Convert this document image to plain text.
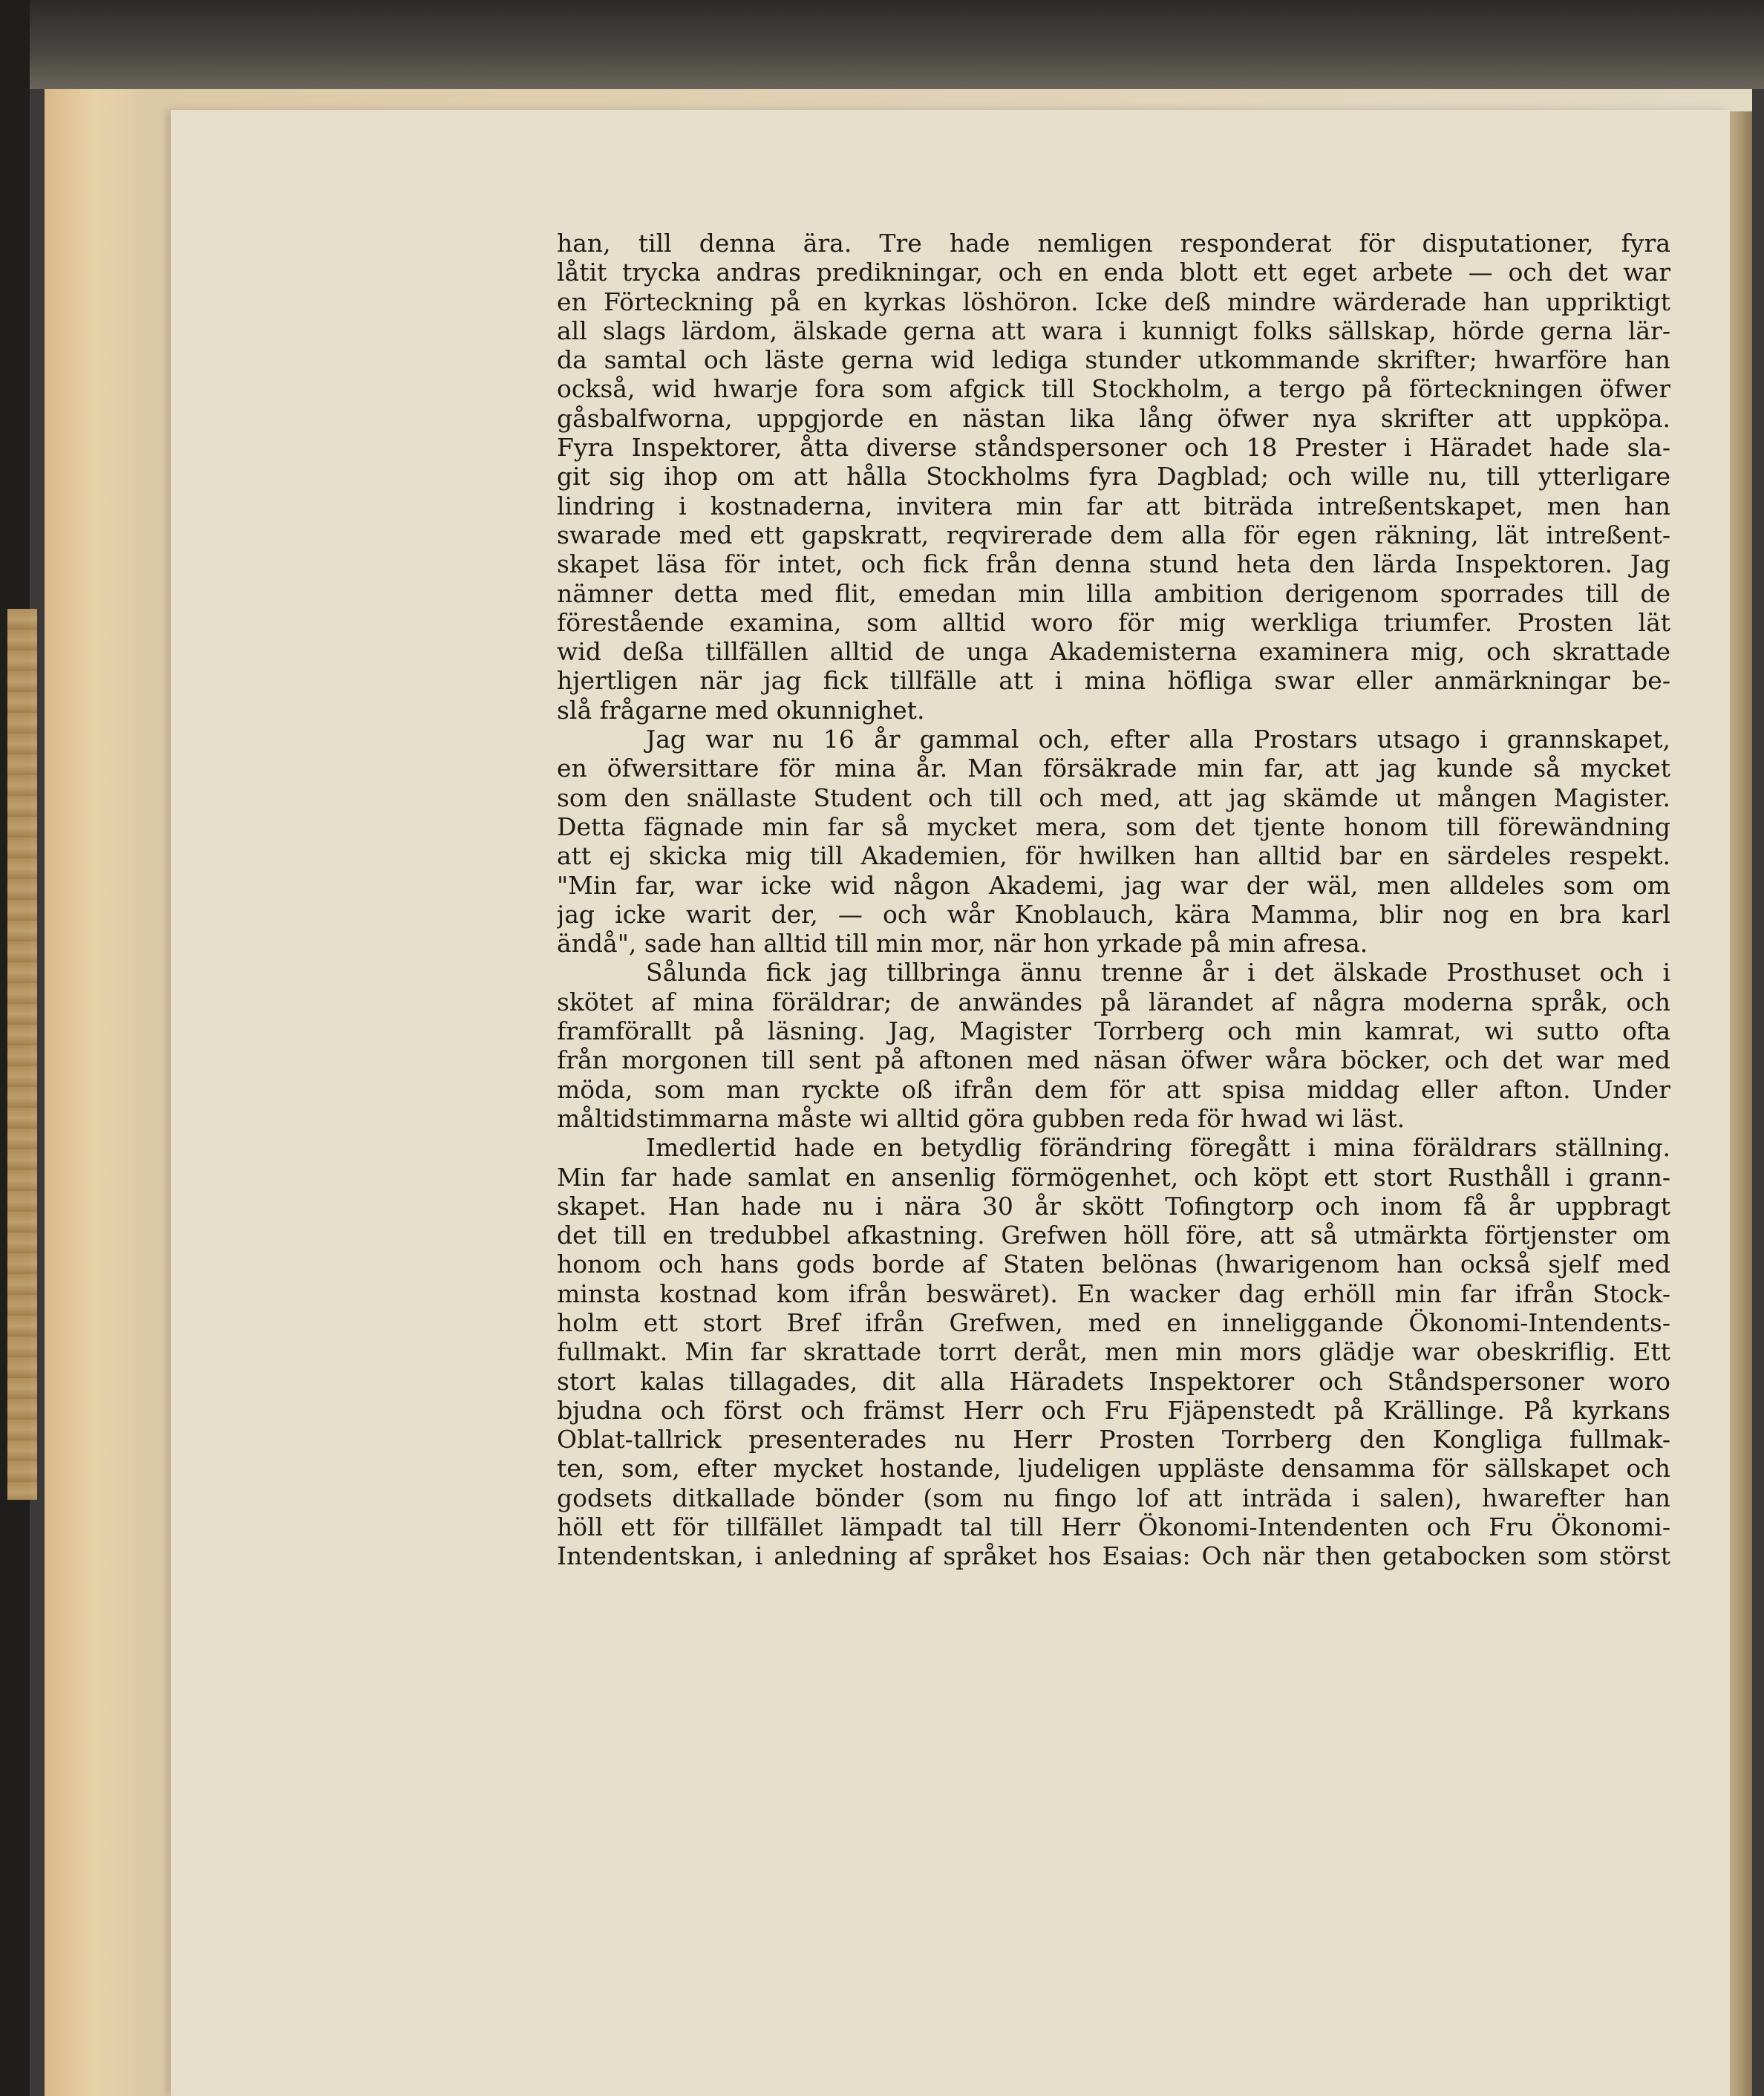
han, till denna ära. Tre hade nemligen responderat för disputationer, fyra
låtit trycka andras predikningar, och en enda blott ett eget arbete — och det war
en Förteckning på en kyrkas löshöron. Icke deß mindre wärderade han uppriktigt
all slags lärdom, älskade gerna att wara i kunnigt folks sällskap, hörde gerna lär-
da samtal och läste gerna wid lediga stunder utkommande skrifter; hwarföre han
också, wid hwarje fora som afgick till Stockholm, a tergo på förteckningen öfwer
gåsbalfworna, uppgjorde en nästan lika lång öfwer nya skrifter att uppköpa.
Fyra Inspektorer, åtta diverse ståndspersoner och 18 Prester i Häradet hade sla-
git sig ihop om att hålla Stockholms fyra Dagblad; och wille nu, till ytterligare
lindring i kostnaderna, invitera min far att biträda intreßentskapet, men han
swarade med ett gapskratt, reqvirerade dem alla för egen räkning, lät intreßent-
skapet läsa för intet, och fick från denna stund heta den lärda Inspektoren. Jag
nämner detta med flit, emedan min lilla ambition derigenom sporrades till de
förestående examina, som alltid woro för mig werkliga triumfer. Prosten lät
wid deßa tillfällen alltid de unga Akademisterna examinera mig, och skrattade
hjertligen när jag fick tillfälle att i mina höfliga swar eller anmärkningar be-
slå frågarne med okunnighet.
Jag war nu 16 år gammal och, efter alla Prostars utsago i grannskapet,
en öfwersittare för mina år. Man försäkrade min far, att jag kunde så mycket
som den snällaste Student och till och med, att jag skämde ut mången Magister.
Detta fägnade min far så mycket mera, som det tjente honom till förewändning
att ej skicka mig till Akademien, för hwilken han alltid bar en särdeles respekt.
"Min far, war icke wid någon Akademi, jag war der wäl, men alldeles som om
jag icke warit der, — och wår Knoblauch, kära Mamma, blir nog en bra karl
ändå", sade han alltid till min mor, när hon yrkade på min afresa.
Sålunda fick jag tillbringa ännu trenne år i det älskade Prosthuset och i
skötet af mina föräldrar; de anwändes på lärandet af några moderna språk, och
framförallt på läsning. Jag, Magister Torrberg och min kamrat, wi sutto ofta
från morgonen till sent på aftonen med näsan öfwer wåra böcker, och det war med
möda, som man ryckte oß ifrån dem för att spisa middag eller afton. Under
måltidstimmarna måste wi alltid göra gubben reda för hwad wi läst.
Imedlertid hade en betydlig förändring föregått i mina föräldrars ställning.
Min far hade samlat en ansenlig förmögenhet, och köpt ett stort Rusthåll i grann-
skapet. Han hade nu i nära 30 år skött Tofingtorp och inom få år uppbragt
det till en tredubbel afkastning. Grefwen höll före, att så utmärkta förtjenster om
honom och hans gods borde af Staten belönas (hwarigenom han också sjelf med
minsta kostnad kom ifrån beswäret). En wacker dag erhöll min far ifrån Stock-
holm ett stort Bref ifrån Grefwen, med en inneliggande Ökonomi-Intendents-
fullmakt. Min far skrattade torrt deråt, men min mors glädje war obeskriflig. Ett
stort kalas tillagades, dit alla Häradets Inspektorer och Ståndspersoner woro
bjudna och först och främst Herr och Fru Fjäpenstedt på Krällinge. På kyrkans
Oblat-tallrick presenterades nu Herr Prosten Torrberg den Kongliga fullmak-
ten, som, efter mycket hostande, ljudeligen uppläste densamma för sällskapet och
godsets ditkallade bönder (som nu fingo lof att inträda i salen), hwarefter han
höll ett för tillfället lämpadt tal till Herr Ökonomi-Intendenten och Fru Ökonomi-
Intendentskan, i anledning af språket hos Esaias: Och när then getabocken som störst
